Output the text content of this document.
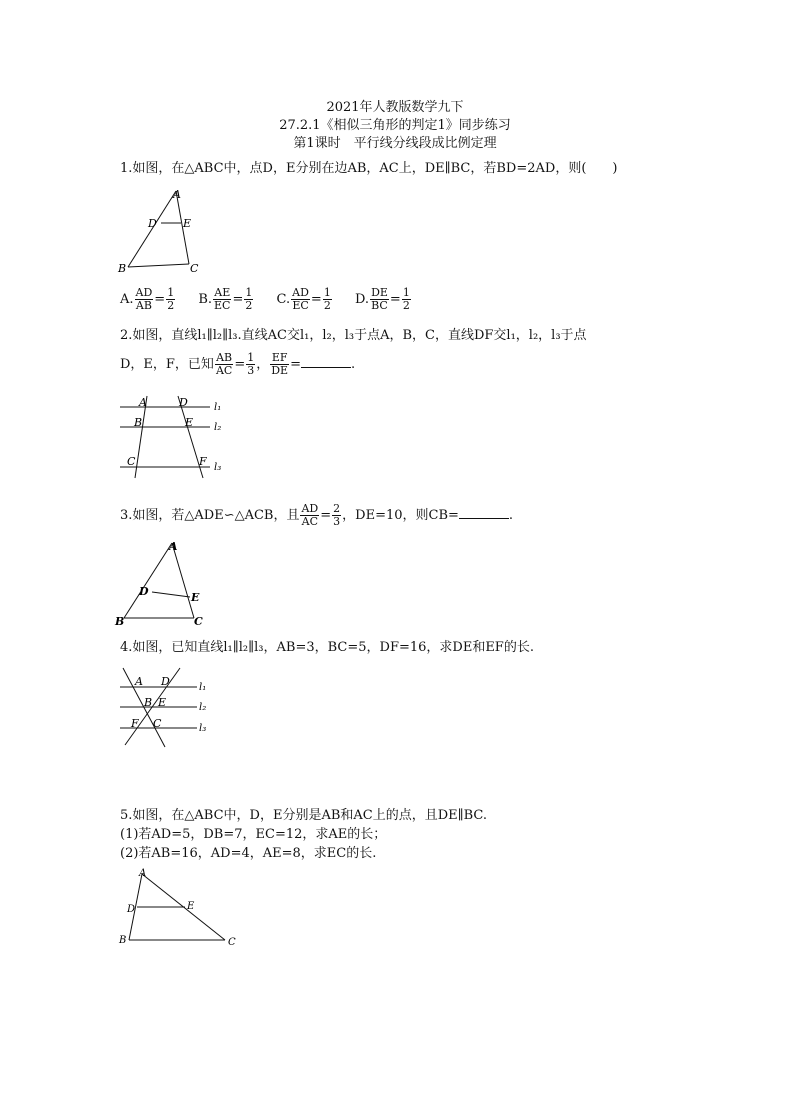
2021年人教版数学九下
27.2.1《相似三角形的判定1》同步练习
第1课时　平行线分线段成比例定理
1.如图，在△ABC中，点D，E分别在边AB，AC上，DE∥BC，若BD=2AD，则(　　)
A
D E
B	C
A. $\frac{AD}{AB} = \frac{1}{2} B$. $\frac{AE}{EC} = \frac{1}{2} C$. $\frac{AD}{EC} = \frac{1}{2} D$. $\frac{DE}{BC} = \frac{1}{2}$
2.如图，直线l₁∥l₂∥l₃.直线AC交l₁，l₂，l₃于点A，B，C，直线DF交l₁，l₂，l₃于点
D，E，F，已知 $\frac{AB}{AC} = \frac{1}{3}$ ， $\frac{EF}{DE}$ =	.
A	D
B	E
C	F
l₁
l₂
l₃
3.如图，若△ADE∽△ACB，且 $\frac{AD}{AC} = \frac{2}{3}$ ，DE=10，则CB=	.
A
D	E
B	C
4.如图，已知直线l₁∥l₂∥l₃，AB=3，BC=5，DF=16，求DE和EF的长.
A D
B E
F C
l₁
l₂
l₃
5.如图，在△ABC中，D，E分别是AB和AC上的点，且DE∥BC.
(1)若AD=5，DB=7，EC=12，求AE的长；
(2)若AB=16，AD=4，AE=8，求EC的长.
A
D	E
B	C
